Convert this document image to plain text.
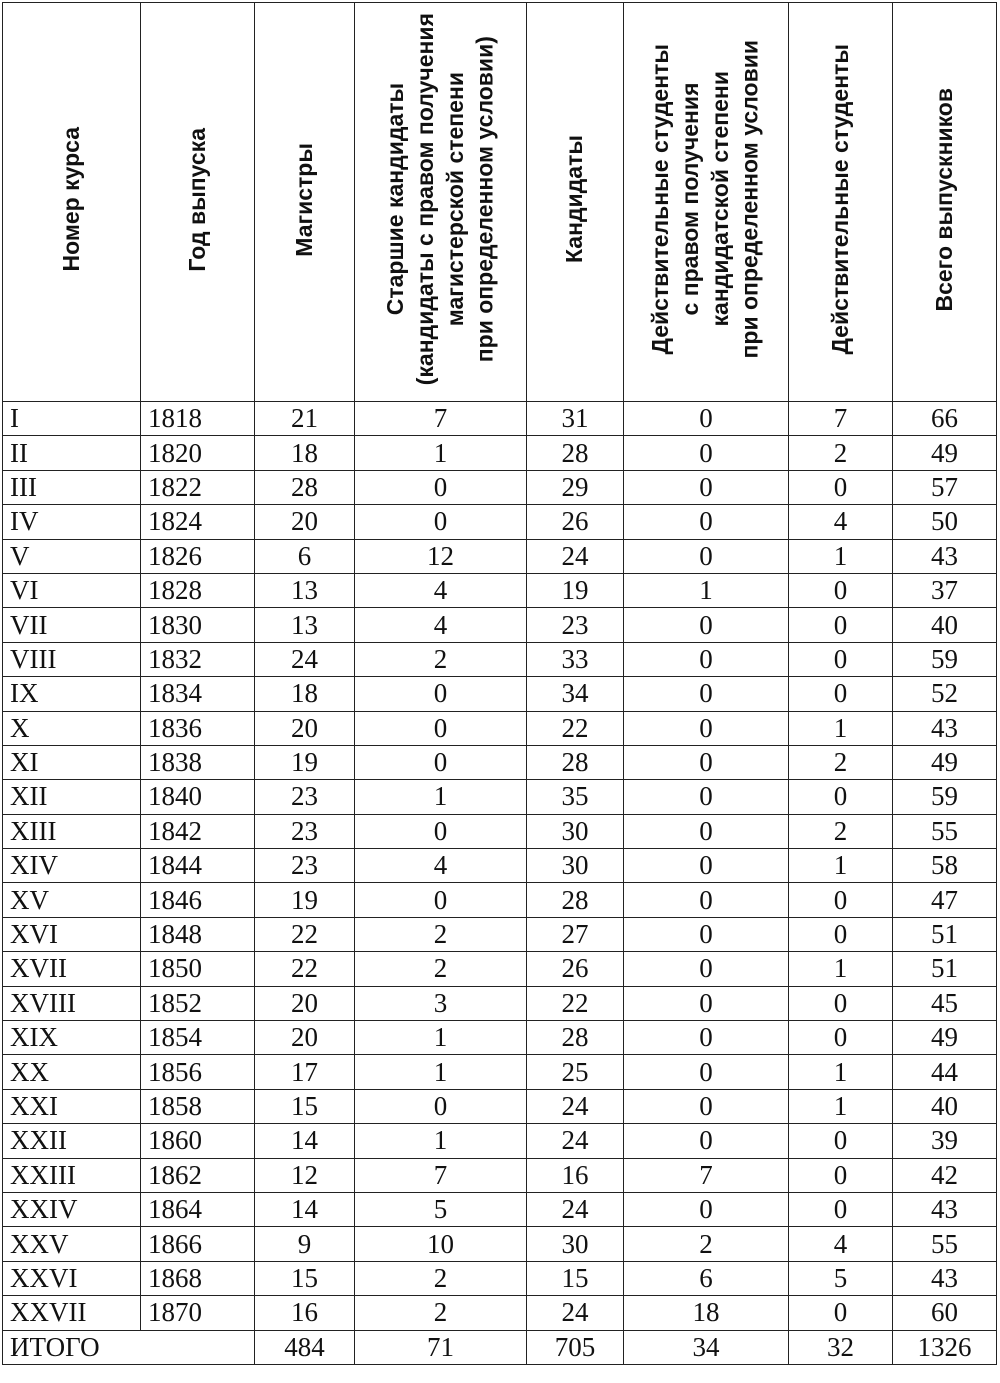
Номер курса	Год выпуска	Магистры	Старшие кандидаты (кандидаты с правом получения магистерской степени при определенном условии)	Кандидаты	Действительные студенты с правом получения кандидатской степени при определенном условии	Действительные студенты	Всего выпускников

I	1818	21	7	31	0	7	66
II	1820	18	1	28	0	2	49
III	1822	28	0	29	0	0	57
IV	1824	20	0	26	0	4	50
V	1826	6	12	24	0	1	43
VI	1828	13	4	19	1	0	37
VII	1830	13	4	23	0	0	40
VIII	1832	24	2	33	0	0	59
IX	1834	18	0	34	0	0	52
X	1836	20	0	22	0	1	43
XI	1838	19	0	28	0	2	49
XII	1840	23	1	35	0	0	59
XIII	1842	23	0	30	0	2	55
XIV	1844	23	4	30	0	1	58
XV	1846	19	0	28	0	0	47
XVI	1848	22	2	27	0	0	51
XVII	1850	22	2	26	0	1	51
XVIII	1852	20	3	22	0	0	45
XIX	1854	20	1	28	0	0	49
XX	1856	17	1	25	0	1	44
XXI	1858	15	0	24	0	1	40
XXII	1860	14	1	24	0	0	39
XXIII	1862	12	7	16	7	0	42
XXIV	1864	14	5	24	0	0	43
XXV	1866	9	10	30	2	4	55
XXVI	1868	15	2	15	6	5	43
XXVII	1870	16	2	24	18	0	60
ИТОГО		484	71	705	34	32	1326
